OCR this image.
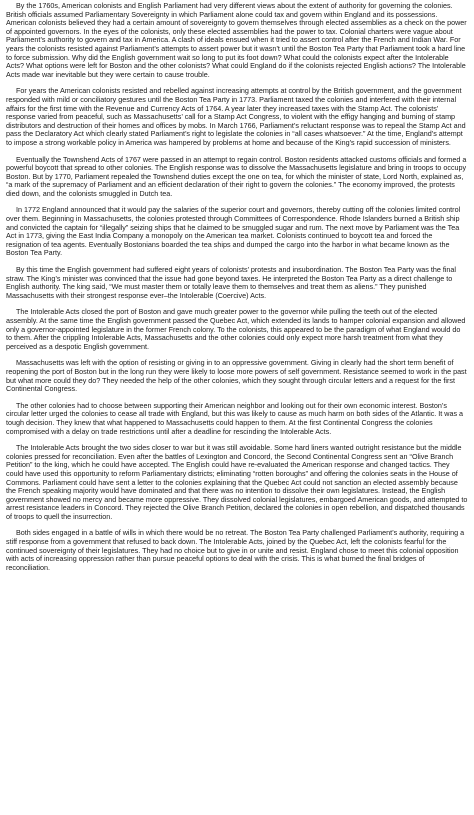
By the 1760s, American colonists and English Parliament had very different views about the extent of authority for governing the colonies. British officials assumed Parliamentary Sovereignty in which Parliament alone could tax and govern within England and its possessions. American colonists believed they had a certain amount of sovereignty to govern themselves through elected assemblies as a check on the power of appointed governors. In the eyes of the colonists, only these elected assemblies had the power to tax. Colonial charters were vague about Parliament’s authority to govern and tax in America. A clash of ideals ensued when it tried to assert control after the French and Indian War. For years the colonists resisted against Parliament’s attempts to assert power but it wasn’t until the Boston Tea Party that Parliament took a hard line to force submission. Why did the English government wait so long to put its foot down? What could the colonists expect after the Intolerable Acts? What options were left for Boston and the other colonists? What could England do if the colonists rejected English actions? The Intolerable Acts made war inevitable but they were certain to cause trouble.

For years the American colonists resisted and rebelled against increasing attempts at control by the British government, and the government responded with mild or conciliatory gestures until the Boston Tea Party in 1773. Parliament taxed the colonies and interfered with their internal affairs for the first time with the Revenue and Currency Acts of 1764. A year later they increased taxes with the Stamp Act. The colonists’ response varied from peaceful, such as Massachusetts’ call for a Stamp Act Congress, to violent with the effigy hanging and burning of stamp distributors and destruction of their homes and offices by mobs. In March 1766, Parliament’s reluctant response was to repeal the Stamp Act and pass the Declaratory Act which clearly stated Parliament’s right to legislate the colonies in “all cases whatsoever.” At the time, England’s attempt to impose a strong workable policy in America was hampered by problems at home and because of the King’s rapid succession of ministers.

Eventually the Townshend Acts of 1767 were passed in an attempt to regain control. Boston residents attacked customs officials and formed a powerful boycott that spread to other colonies. The English response was to dissolve the Massachusetts legislature and bring in troops to occupy Boston. But by 1770, Parliament repealed the Townshend duties except the one on tea, for which the minister of state, Lord North, explained as, “a mark of the supremacy of Parliament and an efficient declaration of their right to govern the colonies.” The economy improved, the protests died down, and the colonists smuggled in Dutch tea.

In 1772 England announced that it would pay the salaries of the superior court and governors, thereby cutting off the colonies limited control over them. Beginning in Massachusetts, the colonies protested through Committees of Correspondence. Rhode Islanders burned a British ship and convicted the captain for “illegally” seizing ships that he claimed to be smuggled sugar and rum. The next move by Parliament was the Tea Act in 1773, giving the East India Company a monopoly on the American tea market. Colonists continued to boycott tea and forced the resignation of tea agents. Eventually Bostonians boarded the tea ships and dumped the cargo into the harbor in what became known as the Boston Tea Party.

By this time the English government had suffered eight years of colonists’ protests and insubordination. The Boston Tea Party was the final straw. The King’s minister was convinced that the issue had gone beyond taxes. He interpreted the Boston Tea Party as a direct challenge to English authority. The king said, “We must master them or totally leave them to themselves and treat them as aliens.” They punished Massachusetts with their strongest response ever–the Intolerable (Coercive) Acts.

The Intolerable Acts closed the port of Boston and gave much greater power to the governor while pulling the teeth out of the elected assembly. At the same time the English government passed the Quebec Act, which extended its lands to hamper colonial expansion and allowed only a governor-appointed legislature in the former French colony. To the colonists, this appeared to be the paradigm of what England would do to them. After the crippling Intolerable Acts, Massachusetts and the other colonies could only expect more harsh treatment from what they perceived as a despotic English government.

Massachusetts was left with the option of resisting or giving in to an oppressive government. Giving in clearly had the short term benefit of reopening the port of Boston but in the long run they were likely to loose more powers of self government. Resistance seemed to work in the past but what more could they do? They needed the help of the other colonies, which they sought through circular letters and a request for the first Continental Congress.

The other colonies had to choose between supporting their American neighbor and looking out for their own economic interest. Boston’s circular letter urged the colonies to cease all trade with England, but this was likely to cause as much harm on both sides of the Atlantic. It was a tough decision. They knew that what happened to Massachusetts could happen to them. At the first Continental Congress the colonies compromised with a delay on trade restrictions until after a deadline for rescinding the Intolerable Acts.

The Intolerable Acts brought the two sides closer to war but it was still avoidable. Some hard liners wanted outright resistance but the middle colonies pressed for reconciliation. Even after the battles of Lexington and Concord, the Second Continental Congress sent an “Olive Branch Petition” to the king, which he could have accepted. The English could have re-evaluated the American response and changed tactics. They could have used this opportunity to reform Parliamentary districts; eliminating “rotten boroughs” and offering the colonies seats in the House of Commons. Parliament could have sent a letter to the colonies explaining that the Quebec Act could not sanction an elected assembly because the French speaking majority would have dominated and that there was no intention to dissolve their own legislatures. Instead, the English government showed no mercy and became more oppressive. They dissolved colonial legislatures, embargoed American goods, and attempted to arrest resistance leaders in Concord. They rejected the Olive Branch Petition, declared the colonies in open rebellion, and dispatched thousands of troops to quell the insurrection.

Both sides engaged in a battle of wills in which there would be no retreat. The Boston Tea Party challenged Parliament’s authority, requiring a stiff response from a government that refused to back down. The Intolerable Acts, joined by the Quebec Act, left the colonists fearful for the continued sovereignty of their legislatures. They had no choice but to give in or unite and resist. England chose to meet this colonial opposition with acts of increasing oppression rather than pursue peaceful options to deal with the crisis. This is what burned the final bridges of reconciliation.
